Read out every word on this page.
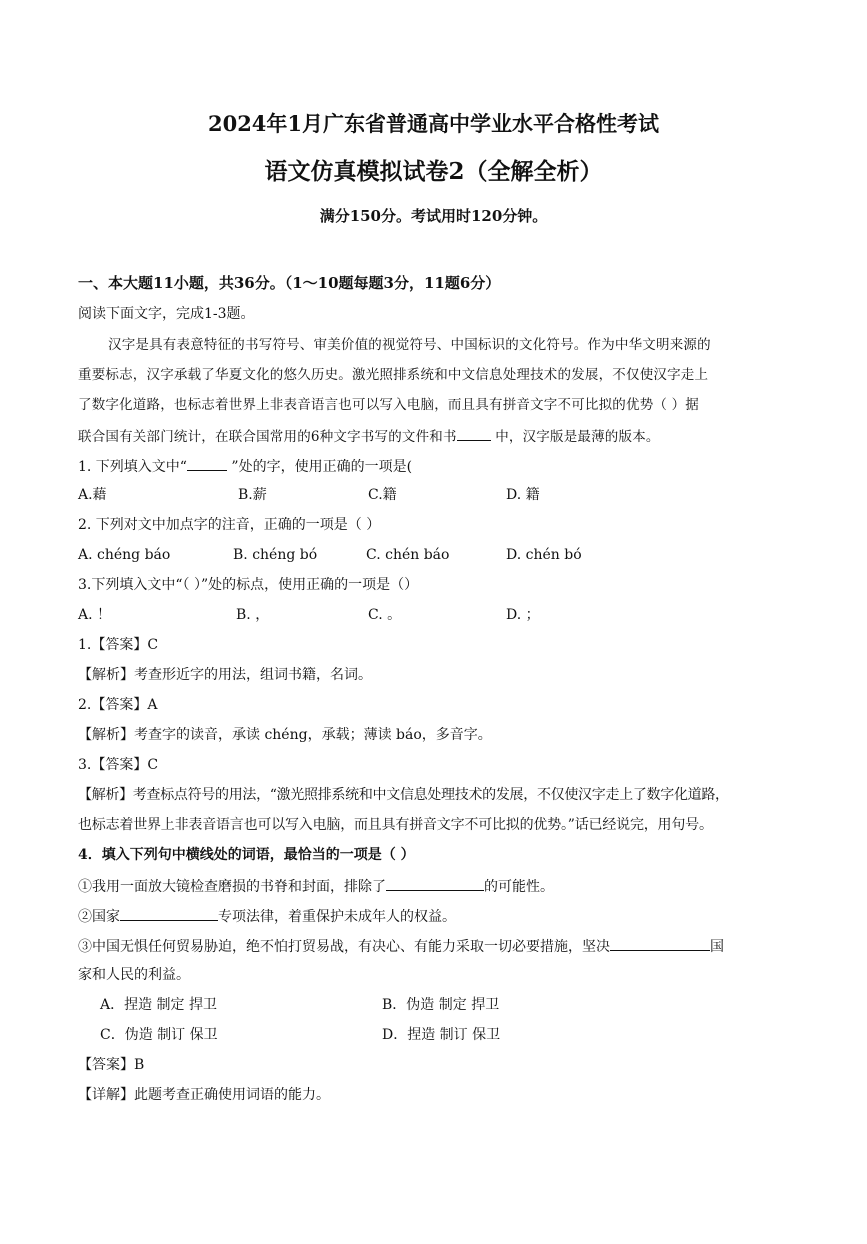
2024年1月广东省普通高中学业水平合格性考试
语文仿真模拟试卷2（全解全析）
满分150分。考试用时120分钟。
一、本大题11小题，共36分。（1～10题每题3分，11题6分）
阅读下面文字，完成1-3题。
汉字是具有表意特征的书写符号、审美价值的视觉符号、中国标识的文化符号。作为中华文明来源的
重要标志，汉字承载了华夏文化的悠久历史。激光照排系统和中文信息处理技术的发展，不仅使汉字走上
了数字化道路，也标志着世界上非表音语言也可以写入电脑，而且具有拼音文字不可比拟的优势（ ）据
联合国有关部门统计，在联合国常用的6种文字书写的文件和书	中，汉字版是最薄的版本。
1. 下列填入文中“	”处的字，使用正确的一项是(
A.藉	B.薪	C.籍	D. 籍
2. 下列对文中加点字的注音，正确的一项是（ ）
A. chéng báo	B. chéng bó	C. chén báo	D. chén bó
3.下列填入文中“（ ）”处的标点，使用正确的一项是（）
A. ！	B. ，	C. 。	D. ；
1.【答案】C
【解析】考查形近字的用法，组词书籍，名词。
2.【答案】A
【解析】考查字的读音，承读 chéng，承载；薄读 báo，多音字。
3.【答案】C
【解析】考查标点符号的用法，“激光照排系统和中文信息处理技术的发展，不仅使汉字走上了数字化道路，
也标志着世界上非表音语言也可以写入电脑，而且具有拼音文字不可比拟的优势。”话已经说完，用句号。
4．填入下列句中横线处的词语，最恰当的一项是（ ）
①我用一面放大镜检查磨损的书脊和封面，排除了	的可能性。
②国家	专项法律，着重保护未成年人的权益。
③中国无惧任何贸易胁迫，绝不怕打贸易战，有决心、有能力采取一切必要措施，坚决	国
家和人民的利益。
A．捏造 制定 捍卫	B．伪造 制定 捍卫
C．伪造 制订 保卫	D．捏造 制订 保卫
【答案】B
【详解】此题考查正确使用词语的能力。
